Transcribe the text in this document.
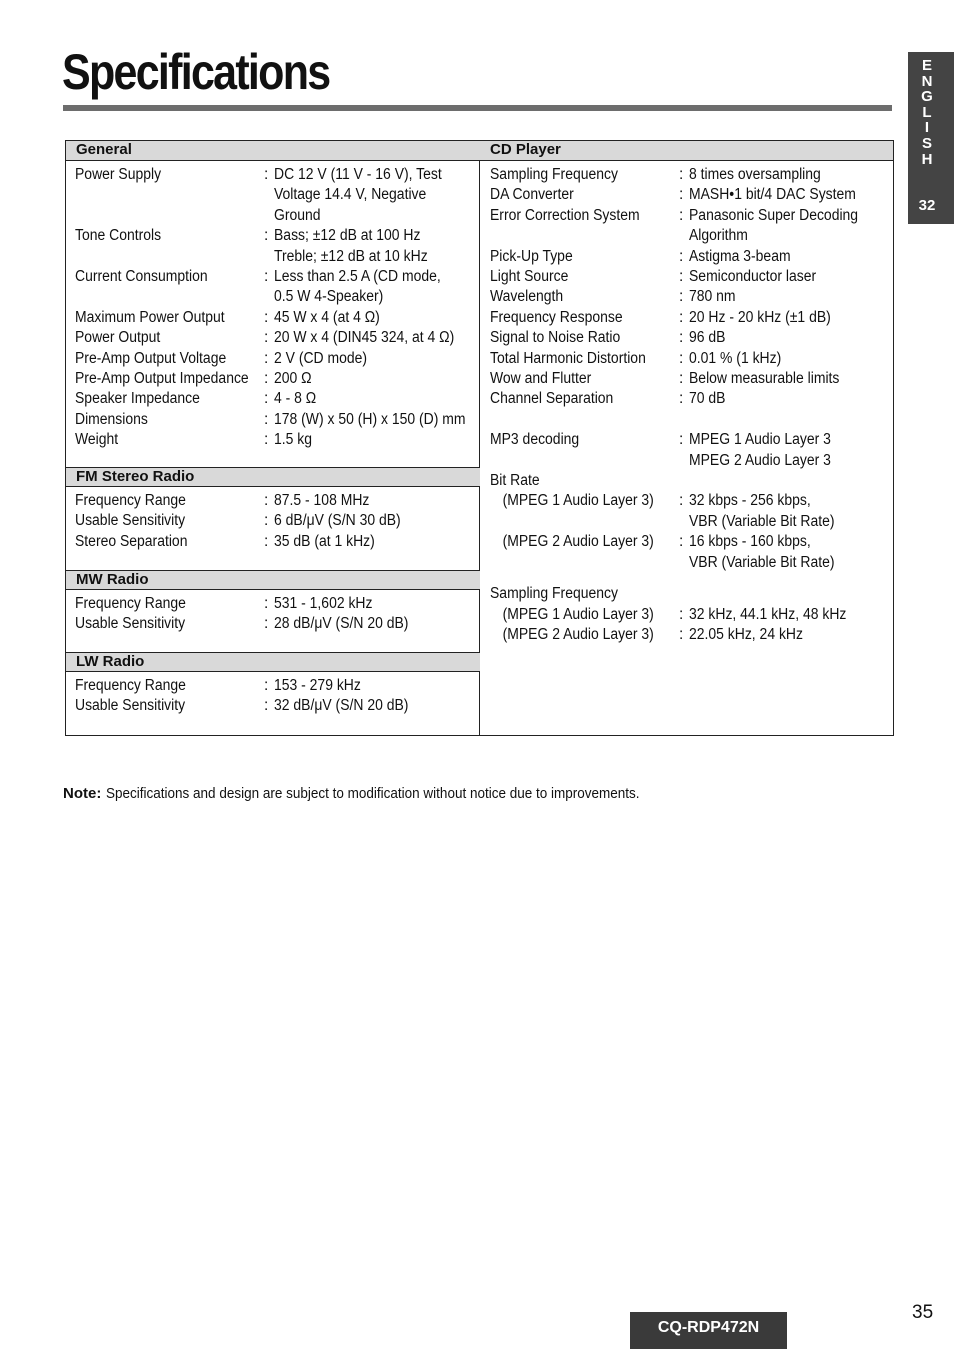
Specifications	E
N
G
L
I
S
H
32
General
Power Supply	: DC 12 V (11 V - 16 V), Test
Voltage 14.4 V, Negative
Ground
Tone Controls	: Bass; ±12 dB at 100 Hz
Treble; ±12 dB at 10 kHz
Current Consumption	: Less than 2.5 A (CD mode,
0.5 W 4-Speaker)
Maximum Power Output	: 45 W x 4 (at 4 Ω)
Power Output	: 20 W x 4 (DIN45 324, at 4 Ω)
Pre-Amp Output Voltage	: 2 V (CD mode)
Pre-Amp Output Impedance : 200 Ω
Speaker Impedance	: 4 - 8 Ω
Dimensions	: 178 (W) x 50 (H) x 150 (D) mm
Weight	: 1.5 kg
FM Stereo Radio
Frequency Range	: 87.5 - 108 MHz
Usable Sensitivity	: 6 dB/μV (S/N 30 dB)
Stereo Separation	: 35 dB (at 1 kHz)
MW Radio
Frequency Range	: 531 - 1,602 kHz
Usable Sensitivity	: 28 dB/μV (S/N 20 dB)
LW Radio
Frequency Range	: 153 - 279 kHz
Usable Sensitivity	: 32 dB/μV (S/N 20 dB)
CD Player
Sampling Frequency	: 8 times oversampling
DA Converter	: MASH•1 bit/4 DAC System
Error Correction System	: Panasonic Super Decoding
Algorithm
Pick-Up Type	: Astigma 3-beam
Light Source	: Semiconductor laser
Wavelength	: 780 nm
Frequency Response	: 20 Hz - 20 kHz (±1 dB)
Signal to Noise Ratio	: 96 dB
Total Harmonic Distortion	: 0.01 % (1 kHz)
Wow and Flutter	: Below measurable limits
Channel Separation	: 70 dB
MP3 decoding	: MPEG 1 Audio Layer 3
MPEG 2 Audio Layer 3
Bit Rate
(MPEG 1 Audio Layer 3)	: 32 kbps - 256 kbps,
VBR (Variable Bit Rate)
(MPEG 2 Audio Layer 3)	: 16 kbps - 160 kbps,
VBR (Variable Bit Rate)
Sampling Frequency
(MPEG 1 Audio Layer 3)	: 32 kHz, 44.1 kHz, 48 kHz
(MPEG 2 Audio Layer 3)	: 22.05 kHz, 24 kHz
Note: Specifications and design are subject to modification without notice due to improvements.
35
CQ-RDP472N
